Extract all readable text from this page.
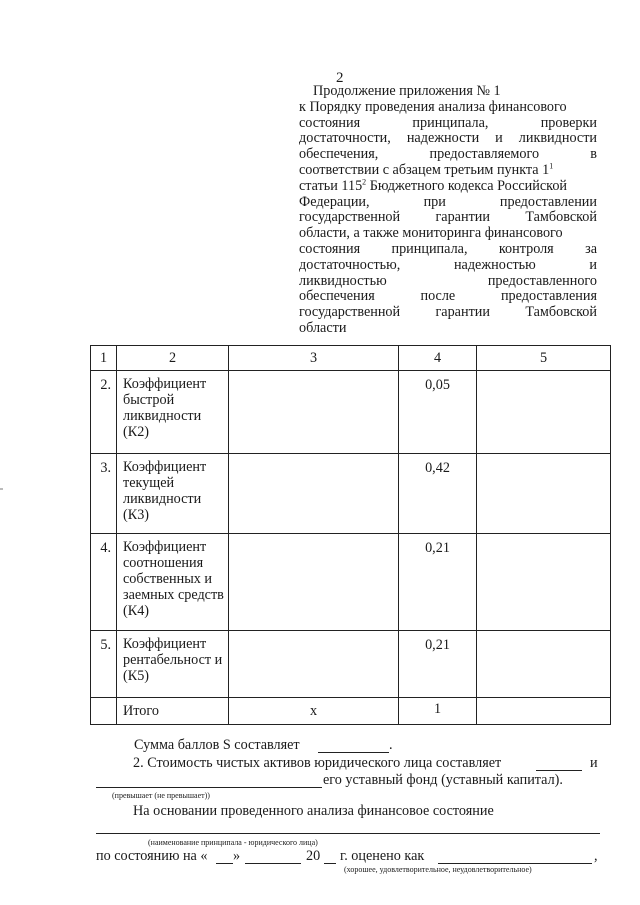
2
Продолжение приложения № 1
к Порядку проведения анализа финансового
состояния принципала, проверки
достаточности, надежности и ликвидности
обеспечения, предоставляемого в
соответствии с абзацем третьим пункта $1^1$
статьи $115^2$ Бюджетного кодекса Российской
Федерации, при предоставлении
государственной гарантии Тамбовской
области, а также мониторинга финансового
состояния принципала, контроля за
достаточностью, надежностью и
ликвидностью предоставленного
обеспечения после предоставления
государственной гарантии Тамбовской
области
1	2	3	4	5
2.	Коэффициент быстрой ликвидности (К2)		0,05	
3.	Коэффициент текущей ликвидности (К3)		0,42	
4.	Коэффициент соотношения собственных и заемных средств (К4)		0,21	
5.	Коэффициент рентабельност и (К5)		0,21	
	Итого	х	1	
Сумма баллов S составляет	.
2. Стоимость чистых активов юридического лица составляет	и
его уставный фонд (уставный капитал).
(превышает (не превышает))
На основании проведенного анализа финансовое состояние
(наименование принципала - юридического лица)
по состоянию на « »	20 г. оценено как	,
(хорошее, удовлетворительное, неудовлетворительное)
